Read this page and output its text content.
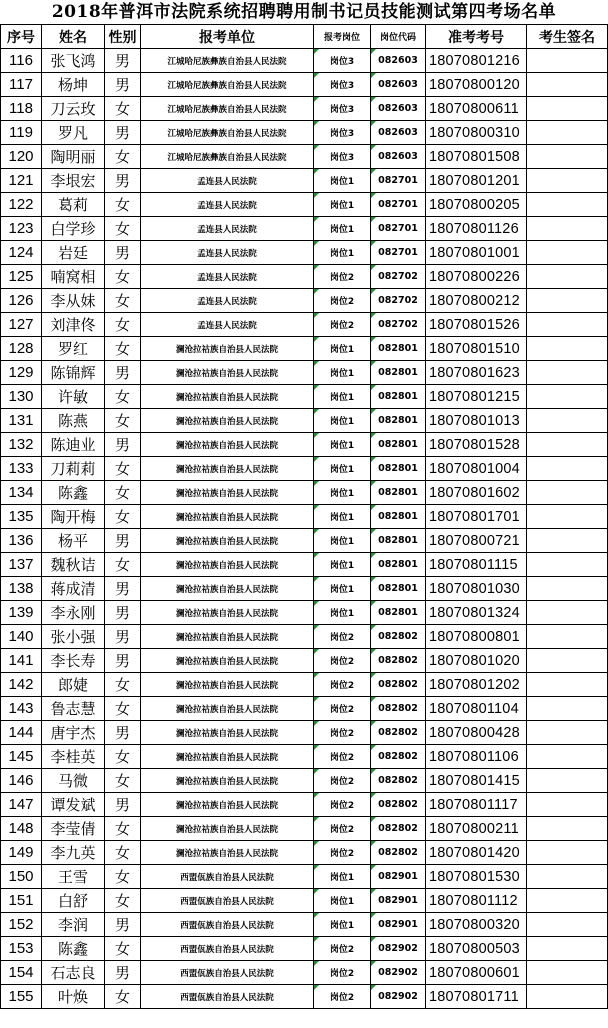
2018年普洱市法院系统招聘聘用制书记员技能测试第四考场名单
序号	姓名	性别	报考单位	报考岗位	岗位代码	准考考号	考生签名
116	张飞鸿	男	江城哈尼族彝族自治县人民法院	岗位3	082603	18070801216	
117	杨坤	男	江城哈尼族彝族自治县人民法院	岗位3	082603	18070800120	
118	刀云玫	女	江城哈尼族彝族自治县人民法院	岗位3	082603	18070800611	
119	罗凡	男	江城哈尼族彝族自治县人民法院	岗位3	082603	18070800310	
120	陶明丽	女	江城哈尼族彝族自治县人民法院	岗位3	082603	18070801508	
121	李垠宏	男	孟连县人民法院	岗位1	082701	18070801201	
122	葛莉	女	孟连县人民法院	岗位1	082701	18070800205	
123	白学珍	女	孟连县人民法院	岗位1	082701	18070801126	
124	岩廷	男	孟连县人民法院	岗位1	082701	18070801001	
125	喃窝相	女	孟连县人民法院	岗位2	082702	18070800226	
126	李从妹	女	孟连县人民法院	岗位2	082702	18070800212	
127	刘津佟	女	孟连县人民法院	岗位2	082702	18070801526	
128	罗红	女	澜沧拉祜族自治县人民法院	岗位1	082801	18070801510	
129	陈锦辉	男	澜沧拉祜族自治县人民法院	岗位1	082801	18070801623	
130	许敏	女	澜沧拉祜族自治县人民法院	岗位1	082801	18070801215	
131	陈燕	女	澜沧拉祜族自治县人民法院	岗位1	082801	18070801013	
132	陈迪业	男	澜沧拉祜族自治县人民法院	岗位1	082801	18070801528	
133	刀莉莉	女	澜沧拉祜族自治县人民法院	岗位1	082801	18070801004	
134	陈鑫	女	澜沧拉祜族自治县人民法院	岗位1	082801	18070801602	
135	陶开梅	女	澜沧拉祜族自治县人民法院	岗位1	082801	18070801701	
136	杨平	男	澜沧拉祜族自治县人民法院	岗位1	082801	18070800721	
137	魏秋诘	女	澜沧拉祜族自治县人民法院	岗位1	082801	18070801115	
138	蒋成清	男	澜沧拉祜族自治县人民法院	岗位1	082801	18070801030	
139	李永刚	男	澜沧拉祜族自治县人民法院	岗位1	082801	18070801324	
140	张小强	男	澜沧拉祜族自治县人民法院	岗位2	082802	18070800801	
141	李长寿	男	澜沧拉祜族自治县人民法院	岗位2	082802	18070801020	
142	郎婕	女	澜沧拉祜族自治县人民法院	岗位2	082802	18070801202	
143	鲁志慧	女	澜沧拉祜族自治县人民法院	岗位2	082802	18070801104	
144	唐宇杰	男	澜沧拉祜族自治县人民法院	岗位2	082802	18070800428	
145	李桂英	女	澜沧拉祜族自治县人民法院	岗位2	082802	18070801106	
146	马微	女	澜沧拉祜族自治县人民法院	岗位2	082802	18070801415	
147	谭发斌	男	澜沧拉祜族自治县人民法院	岗位2	082802	18070801117	
148	李莹倩	女	澜沧拉祜族自治县人民法院	岗位2	082802	18070800211	
149	李九英	女	澜沧拉祜族自治县人民法院	岗位2	082802	18070801420	
150	王雪	女	西盟佤族自治县人民法院	岗位1	082901	18070801530	
151	白舒	女	西盟佤族自治县人民法院	岗位1	082901	18070801112	
152	李润	男	西盟佤族自治县人民法院	岗位1	082901	18070800320	
153	陈鑫	女	西盟佤族自治县人民法院	岗位2	082902	18070800503	
154	石志良	男	西盟佤族自治县人民法院	岗位2	082902	18070800601	
155	叶焕	女	西盟佤族自治县人民法院	岗位2	082902	18070801711	
